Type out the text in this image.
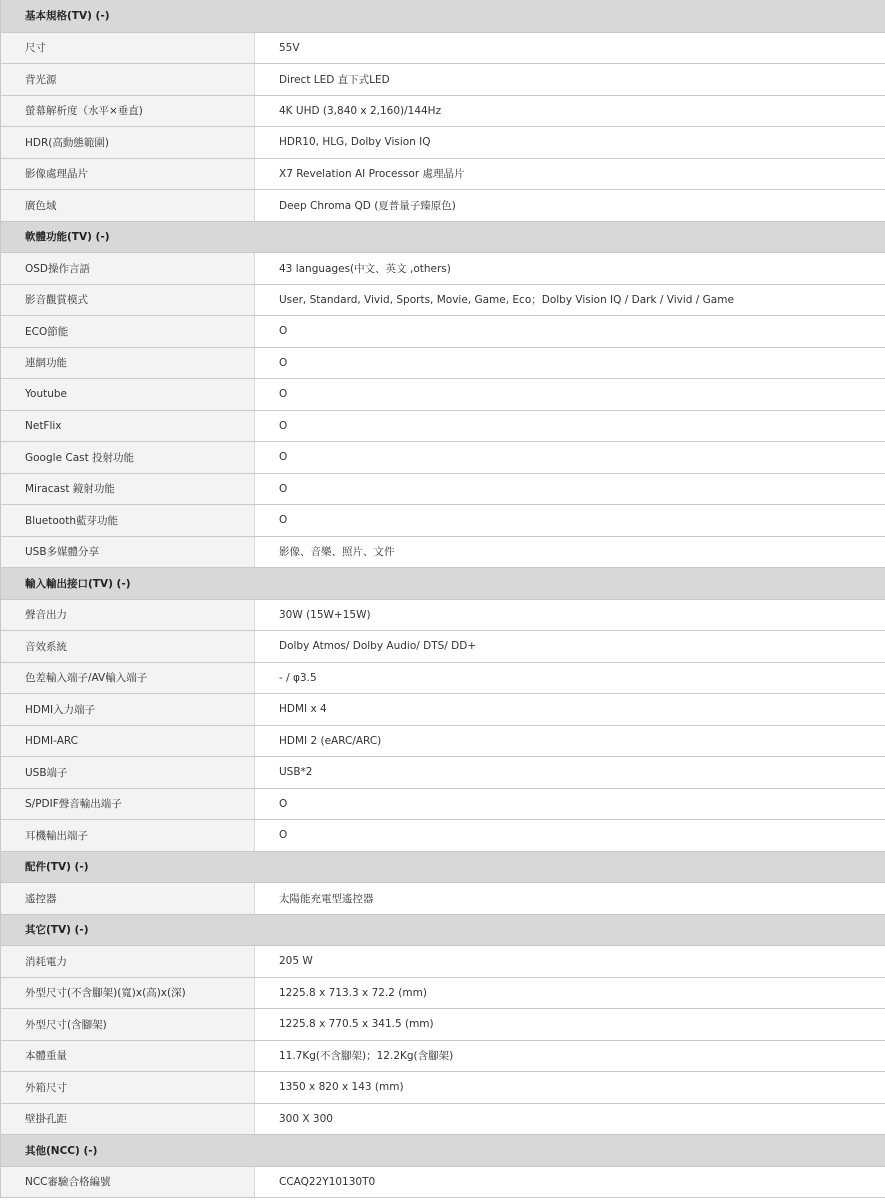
基本規格(TV) (-)
尺寸	55V
背光源	Direct LED 直下式LED
螢幕解析度（水平×垂直)	4K UHD (3,840 x 2,160)/144Hz
HDR(高動態範圍)	HDR10, HLG, Dolby Vision IQ
影像處理晶片	X7 Revelation AI Processor 處理晶片
廣色域	Deep Chroma QD (夏普量子臻原色)
軟體功能(TV) (-)
OSD操作言語	43 languages(中文、英文 ,others)
影音觀賞模式	User, Standard, Vivid, Sports, Movie, Game, Eco；Dolby Vision IQ / Dark / Vivid / Game
ECO節能	O
連網功能	O
Youtube	O
NetFlix	O
Google Cast 投射功能	O
Miracast 鏡射功能	O
Bluetooth藍芽功能	O
USB多媒體分享	影像、音樂、照片、文件
輸入輸出接口(TV) (-)
聲音出力	30W (15W+15W)
音效系統	Dolby Atmos/ Dolby Audio/ DTS/ DD+
色差輸入端子/AV輸入端子	- / φ3.5
HDMI入力端子	HDMI x 4
HDMI-ARC	HDMI 2 (eARC/ARC)
USB端子	USB*2
S/PDIF聲音輸出端子	O
耳機輸出端子	O
配件(TV) (-)
遙控器	太陽能充電型遙控器
其它(TV) (-)
消耗電力	205 W
外型尺寸(不含腳架)(寬)x(高)x(深)	1225.8 x 713.3 x 72.2 (mm)
外型尺寸(含腳架)	1225.8 x 770.5 x 341.5 (mm)
本體重量	11.7Kg(不含腳架)；12.2Kg(含腳架)
外箱尺寸	1350 x 820 x 143 (mm)
壁掛孔距	300 X 300
其他(NCC) (-)
NCC審驗合格編號	CCAQ22Y10130T0
